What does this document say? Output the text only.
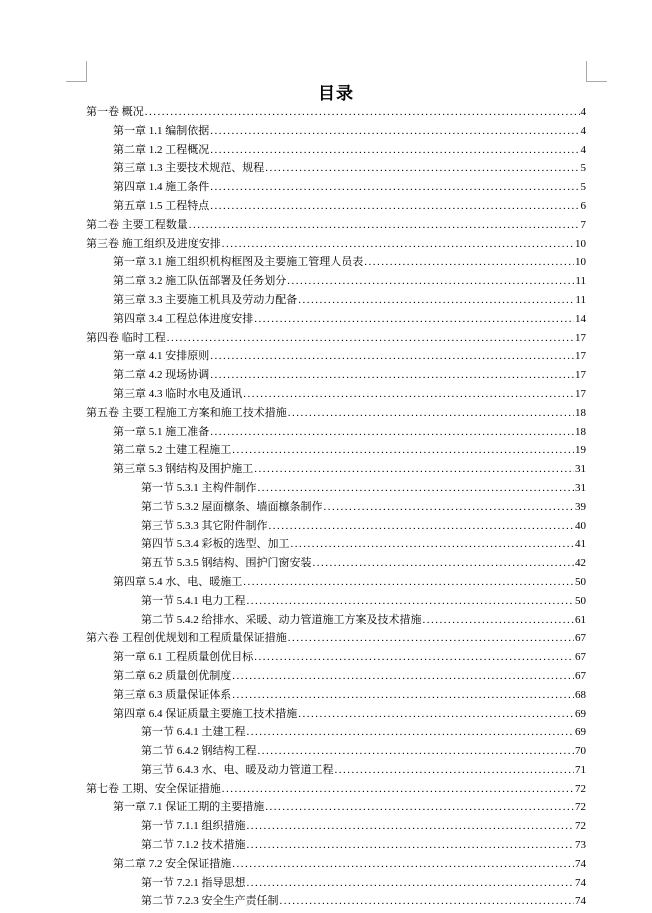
目录
第一卷 概况 .....	4
第一章 1.1 编制依据 .....	4
第二章 1.2 工程概况 .....	4
第三章 1.3 主要技术规范、规程 .....	5
第四章 1.4 施工条件 .....	5
第五章 1.5 工程特点 .....	6
第二卷 主要工程数量 .....	7
第三卷 施工组织及进度安排 .....	10
第一章 3.1 施工组织机构框图及主要施工管理人员表 .....	10
第二章 3.2 施工队伍部署及任务划分 .....	11
第三章 3.3 主要施工机具及劳动力配备 .....	11
第四章 3.4 工程总体进度安排 .....	14
第四卷 临时工程 .....	17
第一章 4.1 安排原则 .....	17
第二章 4.2 现场协调 .....	17
第三章 4.3 临时水电及通讯 .....	17
第五卷 主要工程施工方案和施工技术措施 .....	18
第一章 5.1 施工准备 .....	18
第二章 5.2 土建工程施工 .....	19
第三章 5.3 钢结构及围护施工 .....	31
第一节 5.3.1 主构件制作 .....	31
第二节 5.3.2 屋面檩条、墙面檩条制作 .....	39
第三节 5.3.3 其它附件制作 .....	40
第四节 5.3.4 彩板的选型、加工 .....	41
第五节 5.3.5 钢结构、围护门窗安装 .....	42
第四章 5.4 水、电、暖施工 .....	50
第一节 5.4.1 电力工程 .....	50
第二节 5.4.2 给排水、采暖、动力管道施工方案及技术措施 .....	61
第六卷 工程创优规划和工程质量保证措施 .....	67
第一章 6.1 工程质量创优目标 .....	67
第二章 6.2 质量创优制度 .....	67
第三章 6.3 质量保证体系 .....	68
第四章 6.4 保证质量主要施工技术措施 .....	69
第一节 6.4.1 土建工程 .....	69
第二节 6.4.2 钢结构工程 .....	70
第三节 6.4.3 水、电、暖及动力管道工程 .....	71
第七卷 工期、安全保证措施 .....	72
第一章 7.1 保证工期的主要措施 .....	72
第一节 7.1.1 组织措施 .....	72
第二节 7.1.2 技术措施 .....	73
第二章 7.2 安全保证措施 .....	74
第一节 7.2.1 指导思想 .....	74
第二节 7.2.3 安全生产责任制 .....	74
